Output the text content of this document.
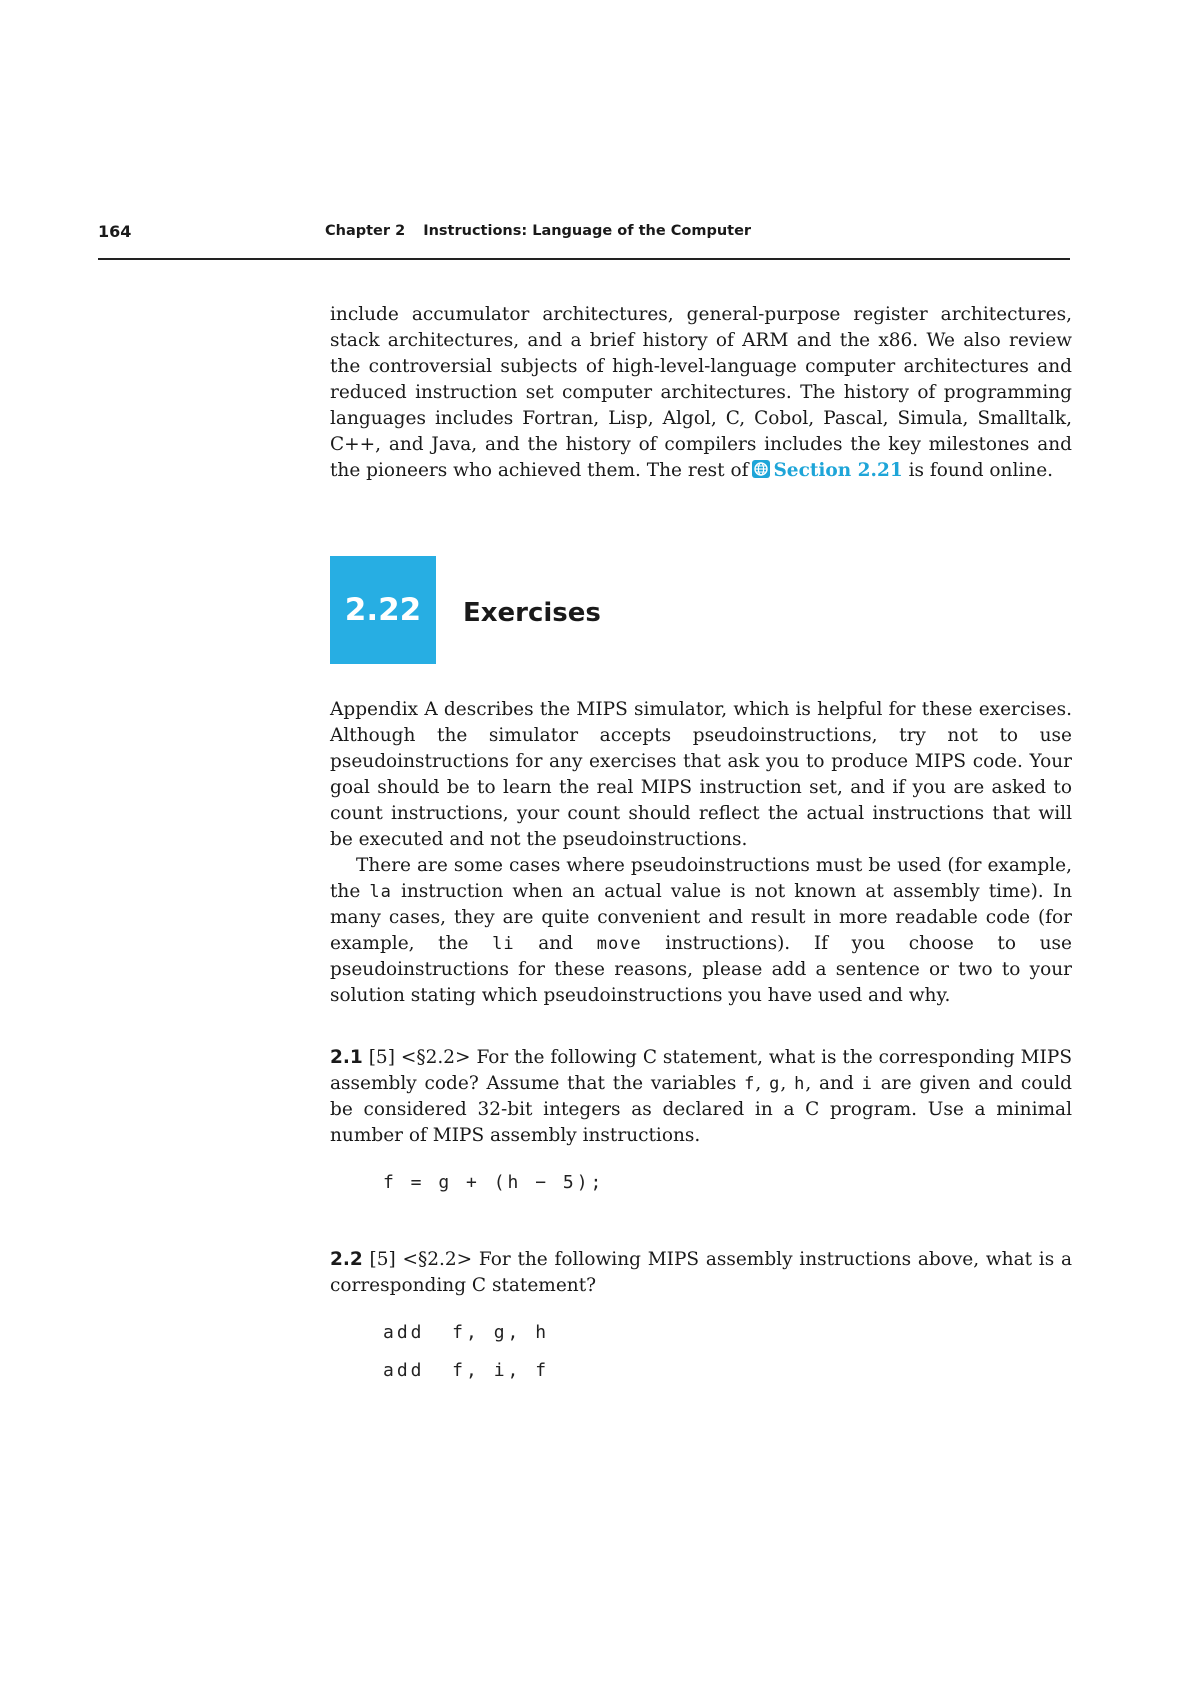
164	Chapter 2 Instructions: Language of the Computer
include accumulator architectures, general-purpose register architectures, stack architectures, and a brief history of ARM and the x86. We also review the controversial subjects of high-level-language computer architectures and reduced instruction set computer architectures. The history of programming languages includes Fortran, Lisp, Algol, C, Cobol, Pascal, Simula, Smalltalk, C++, and Java, and the history of compilers includes the key milestones and the pioneers who achieved them. The rest of Section 2.21 is found online.
2.22 Exercises

Appendix A describes the MIPS simulator, which is helpful for these exercises. Although the simulator accepts pseudoinstructions, try not to use pseudoinstructions for any exercises that ask you to produce MIPS code. Your goal should be to learn the real MIPS instruction set, and if you are asked to count instructions, your count should reflect the actual instructions that will be executed and not the pseudoinstructions.

There are some cases where pseudoinstructions must be used (for example, the la instruction when an actual value is not known at assembly time). In many cases, they are quite convenient and result in more readable code (for example, the li and move instructions). If you choose to use pseudoinstructions for these reasons, please add a sentence or two to your solution stating which pseudoinstructions you have used and why.

2.1 [5] <§2.2> For the following C statement, what is the corresponding MIPS assembly code? Assume that the variables f, g, h, and i are given and could be considered 32-bit integers as declared in a C program. Use a minimal number of MIPS assembly instructions.
f = g + (h − 5);
2.2 [5] <§2.2> For the following MIPS assembly instructions above, what is a corresponding C statement?
add  f, g, h
add  f, i, f
